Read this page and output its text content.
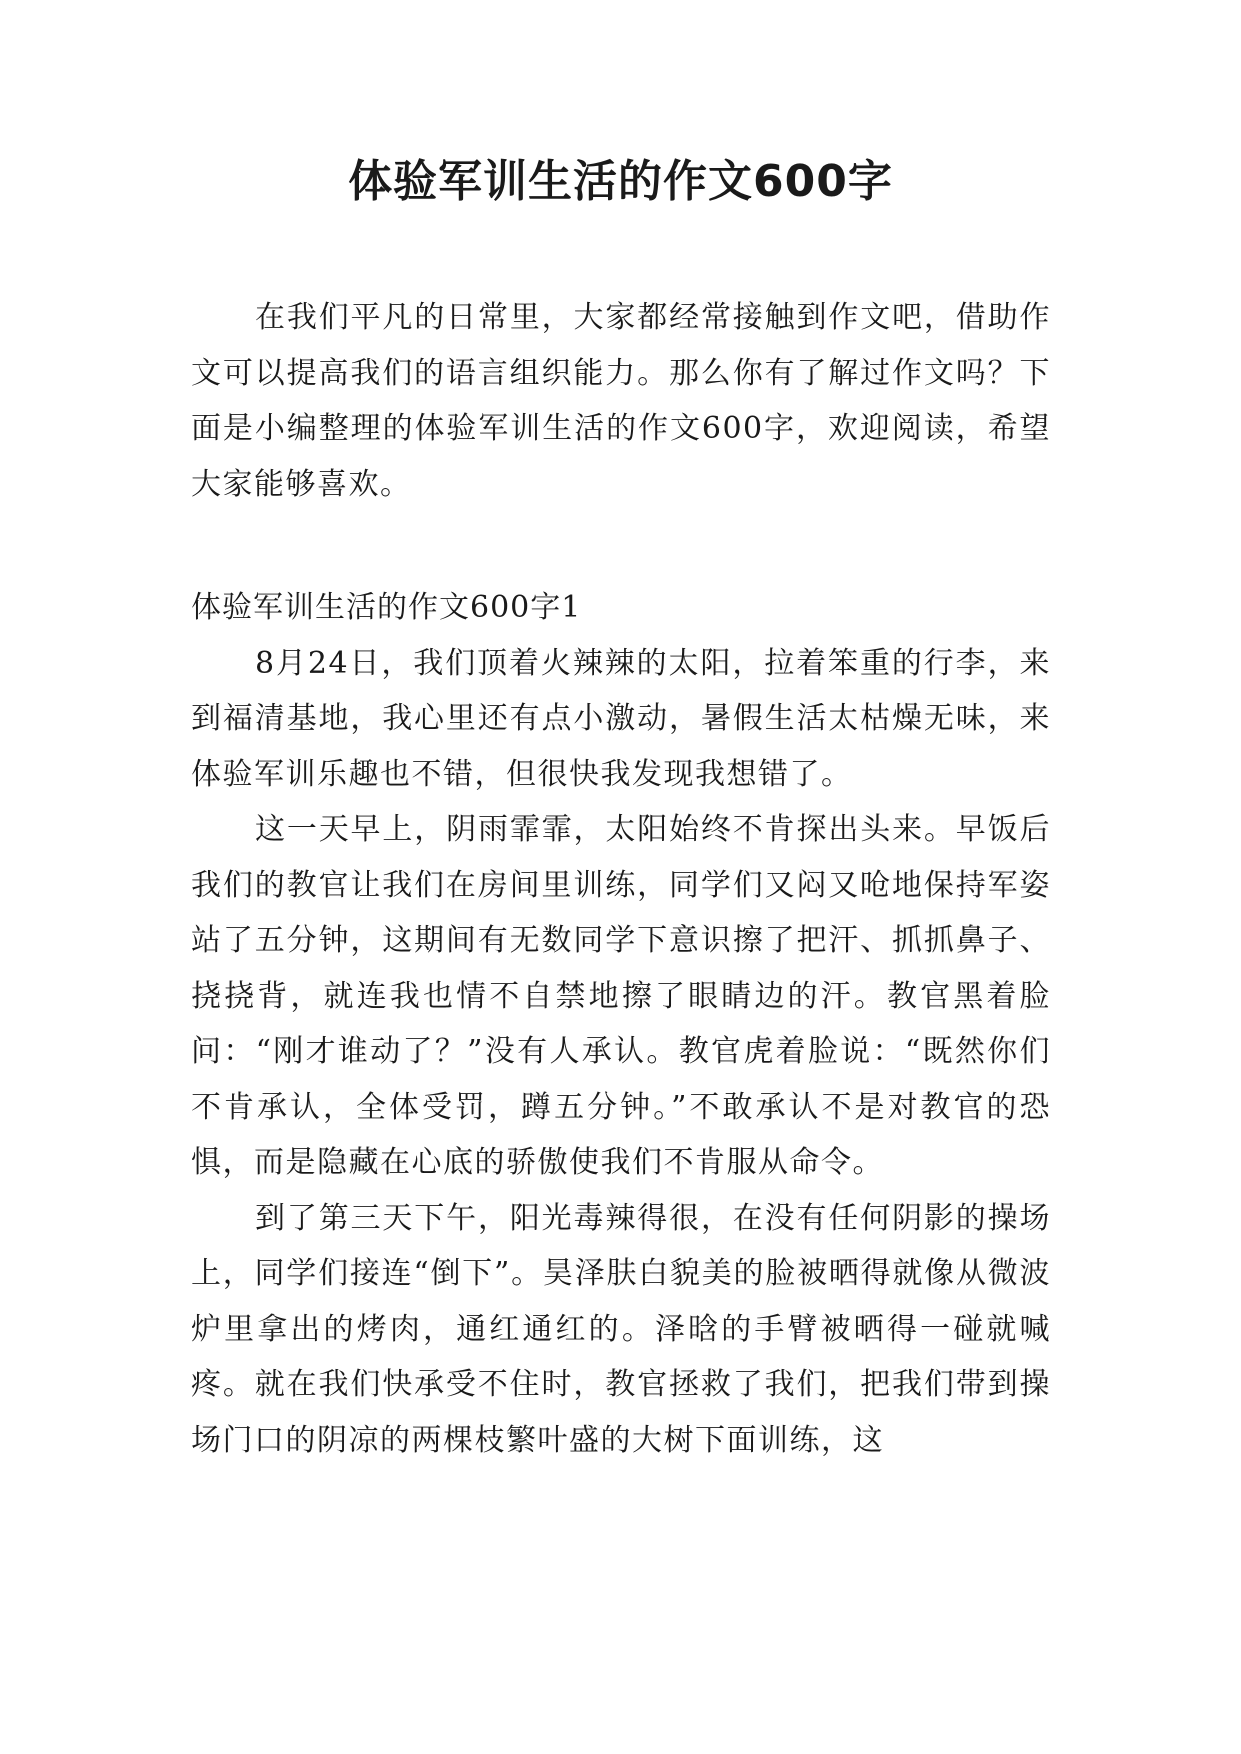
体验军训生活的作文600字

在我们平凡的日常里，大家都经常接触到作文吧，借助作文可以提高我们的语言组织能力。那么你有了解过作文吗？下面是小编整理的体验军训生活的作文600字，欢迎阅读，希望大家能够喜欢。

体验军训生活的作文600字1

8月24日，我们顶着火辣辣的太阳，拉着笨重的行李，来到福清基地，我心里还有点小激动，暑假生活太枯燥无味，来体验军训乐趣也不错，但很快我发现我想错了。

这一天早上，阴雨霏霏，太阳始终不肯探出头来。早饭后我们的教官让我们在房间里训练，同学们又闷又呛地保持军姿站了五分钟，这期间有无数同学下意识擦了把汗、抓抓鼻子、挠挠背，就连我也情不自禁地擦了眼睛边的汗。教官黑着脸问：“刚才谁动了？”没有人承认。教官虎着脸说：“既然你们不肯承认，全体受罚，蹲五分钟。”不敢承认不是对教官的恐惧，而是隐藏在心底的骄傲使我们不肯服从命令。

到了第三天下午，阳光毒辣得很，在没有任何阴影的操场上，同学们接连“倒下”。昊泽肤白貌美的脸被晒得就像从微波炉里拿出的烤肉，通红通红的。泽晗的手臂被晒得一碰就喊疼。就在我们快承受不住时，教官拯救了我们，把我们带到操场门口的阴凉的两棵枝繁叶盛的大树下面训练，这
